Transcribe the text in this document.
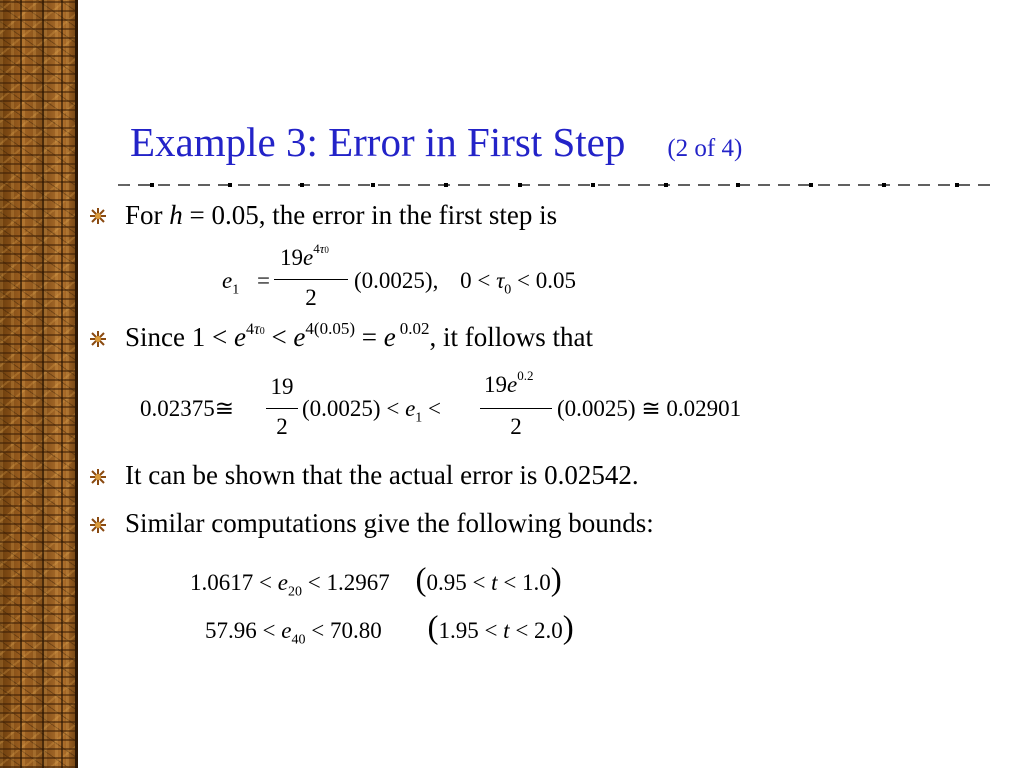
Example 3: Error in First Step (2 of 4)
For h = 0.05, the error in the first step is
$e_1$ =
$19e^{4\tau 0}$
2
(0.0025), $0 < \tau_0 < 0.05$
Since $1 < e^{4\tau 0} < e^{4(0.05)} = e$ $^{0.02}$, it follows that
0.02375≅
19
2
$(0.0025) < e_1$ <
$19e^{0.2}$
2
(0.0025) ≅ 0.02901
It can be shown that the actual error is 0.02542.
Similar computations give the following bounds:
$1.0617 < e_{20} < 1.2967$ (0.95 < t < 1.0)
$57.96 < e_{40} < 70.80$ (1.95 < t < 2.0)
